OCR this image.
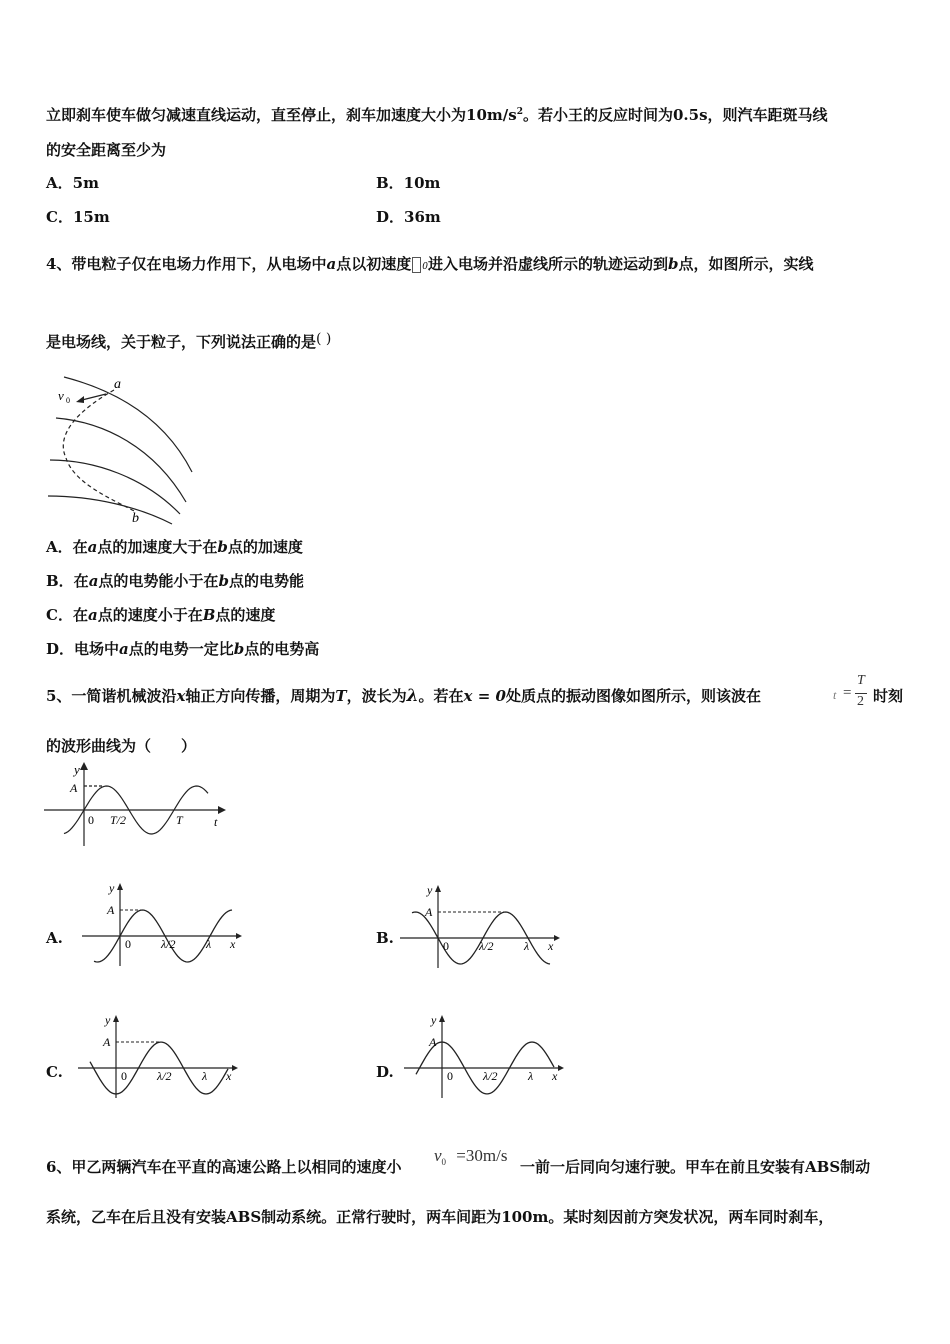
立即刹车使车做匀减速直线运动，直至停止，刹车加速度大小为$10m/s^2$。若小王的反应时间为0.5s，则汽车距斑马线
的安全距离至少为
A．5m	B．10m
C．15m	D．36m
4、带电粒子仅在电场力作用下，从电场中a点以初速度 0进入电场并沿虚线所示的轨迹运动到b点，如图所示，实线
是电场线，关于粒子，下列说法正确的是( )
a
v 0
b
A．在a点的加速度大于在b点的加速度
B．在a点的电势能小于在b点的电势能
C．在a点的速度小于在B点的速度
D．电场中a点的电势一定比b点的电势高
5、一简谐机械波沿x轴正方向传播，周期为T，波长为λ。若在x = 0处质点的振动图像如图所示，则该波在	t =
T
2 时刻
的波形曲线为（　　）
y
A
0 T/2	T	t
A.	B.
C.	D.
y
A
0	λ/2	λ x
y
A
0	λ/2	λ x
y
A
0	λ/2	λ x
y
A
0	λ/2	λ x
6、甲乙两辆汽车在平直的高速公路上以相同的速度小
$v_0 =30m/s$
一前一后同向匀速行驶。甲车在前且安装有ABS制动
系统，乙车在后且没有安装ABS制动系统。正常行驶时，两车间距为100m。某时刻因前方突发状况，两车同时刹车，
